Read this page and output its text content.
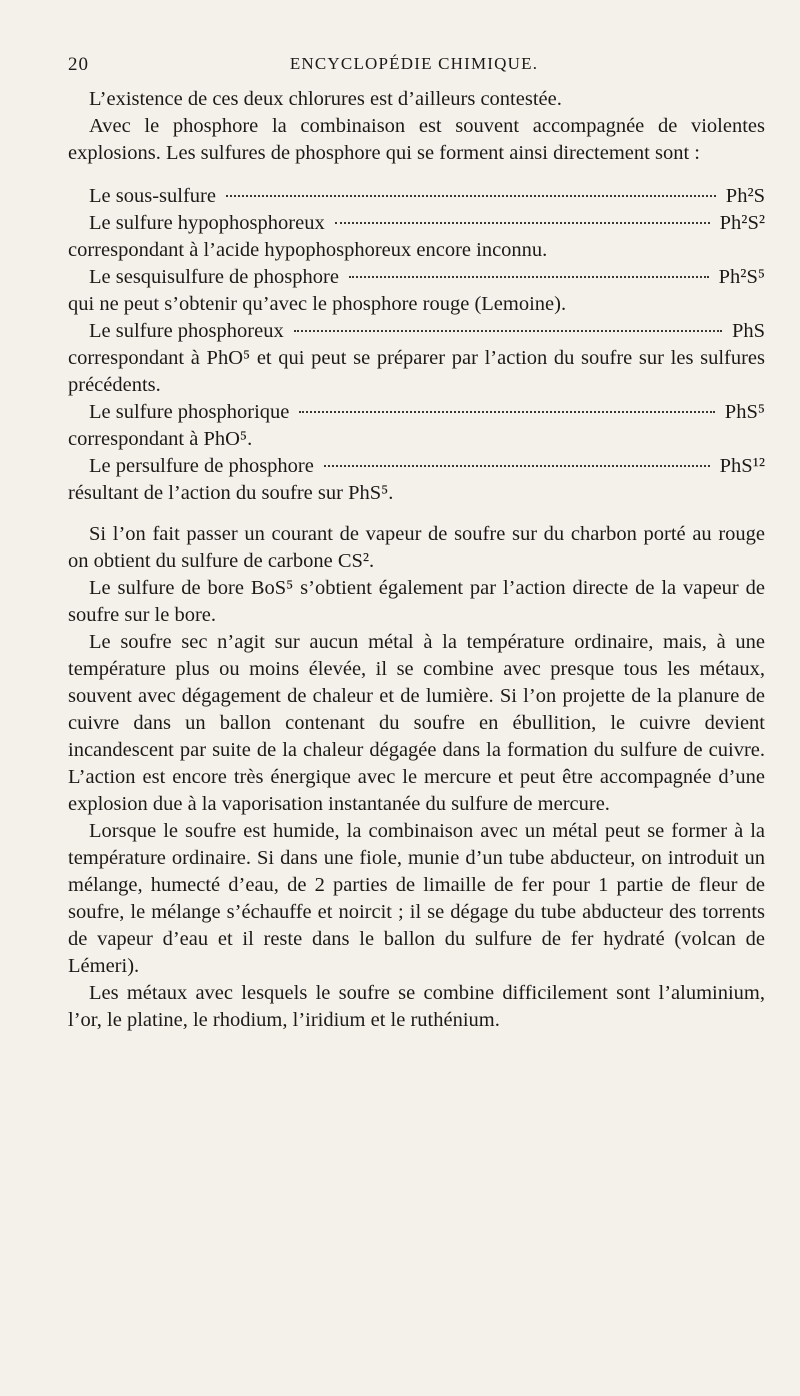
20	ENCYCLOPÉDIE CHIMIQUE.

L’existence de ces deux chlorures est d’ailleurs contestée.

Avec le phosphore la combinaison est souvent accompagnée de violentes explosions. Les sulfures de phosphore qui se forment ainsi directement sont :

Le sous-sulfure	Ph²S
Le sulfure hypophosphoreux	Ph²S²

correspondant à l’acide hypophosphoreux encore inconnu.

Le sesquisulfure de phosphore	Ph²S⁵

qui ne peut s’obtenir qu’avec le phosphore rouge (Lemoine).

Le sulfure phosphoreux	PhS

correspondant à PhO⁵ et qui peut se préparer par l’action du soufre sur les sulfures précédents.

Le sulfure phosphorique	PhS⁵

correspondant à PhO⁵.

Le persulfure de phosphore	PhS¹²

résultant de l’action du soufre sur PhS⁵.

Si l’on fait passer un courant de vapeur de soufre sur du charbon porté au rouge on obtient du sulfure de carbone CS².

Le sulfure de bore BoS⁵ s’obtient également par l’action directe de la vapeur de soufre sur le bore.

Le soufre sec n’agit sur aucun métal à la température ordinaire, mais, à une température plus ou moins élevée, il se combine avec presque tous les métaux, souvent avec dégagement de chaleur et de lumière. Si l’on projette de la planure de cuivre dans un ballon contenant du soufre en ébullition, le cuivre devient incandescent par suite de la chaleur dégagée dans la formation du sulfure de cuivre. L’action est encore très énergique avec le mercure et peut être accompagnée d’une explosion due à la vaporisation instantanée du sulfure de mercure.

Lorsque le soufre est humide, la combinaison avec un métal peut se former à la température ordinaire. Si dans une fiole, munie d’un tube abducteur, on introduit un mélange, humecté d’eau, de 2 parties de limaille de fer pour 1 partie de fleur de soufre, le mélange s’échauffe et noircit ; il se dégage du tube abducteur des torrents de vapeur d’eau et il reste dans le ballon du sulfure de fer hydraté (volcan de Lémeri).

Les métaux avec lesquels le soufre se combine difficilement sont l’aluminium, l’or, le platine, le rhodium, l’iridium et le ruthénium.
